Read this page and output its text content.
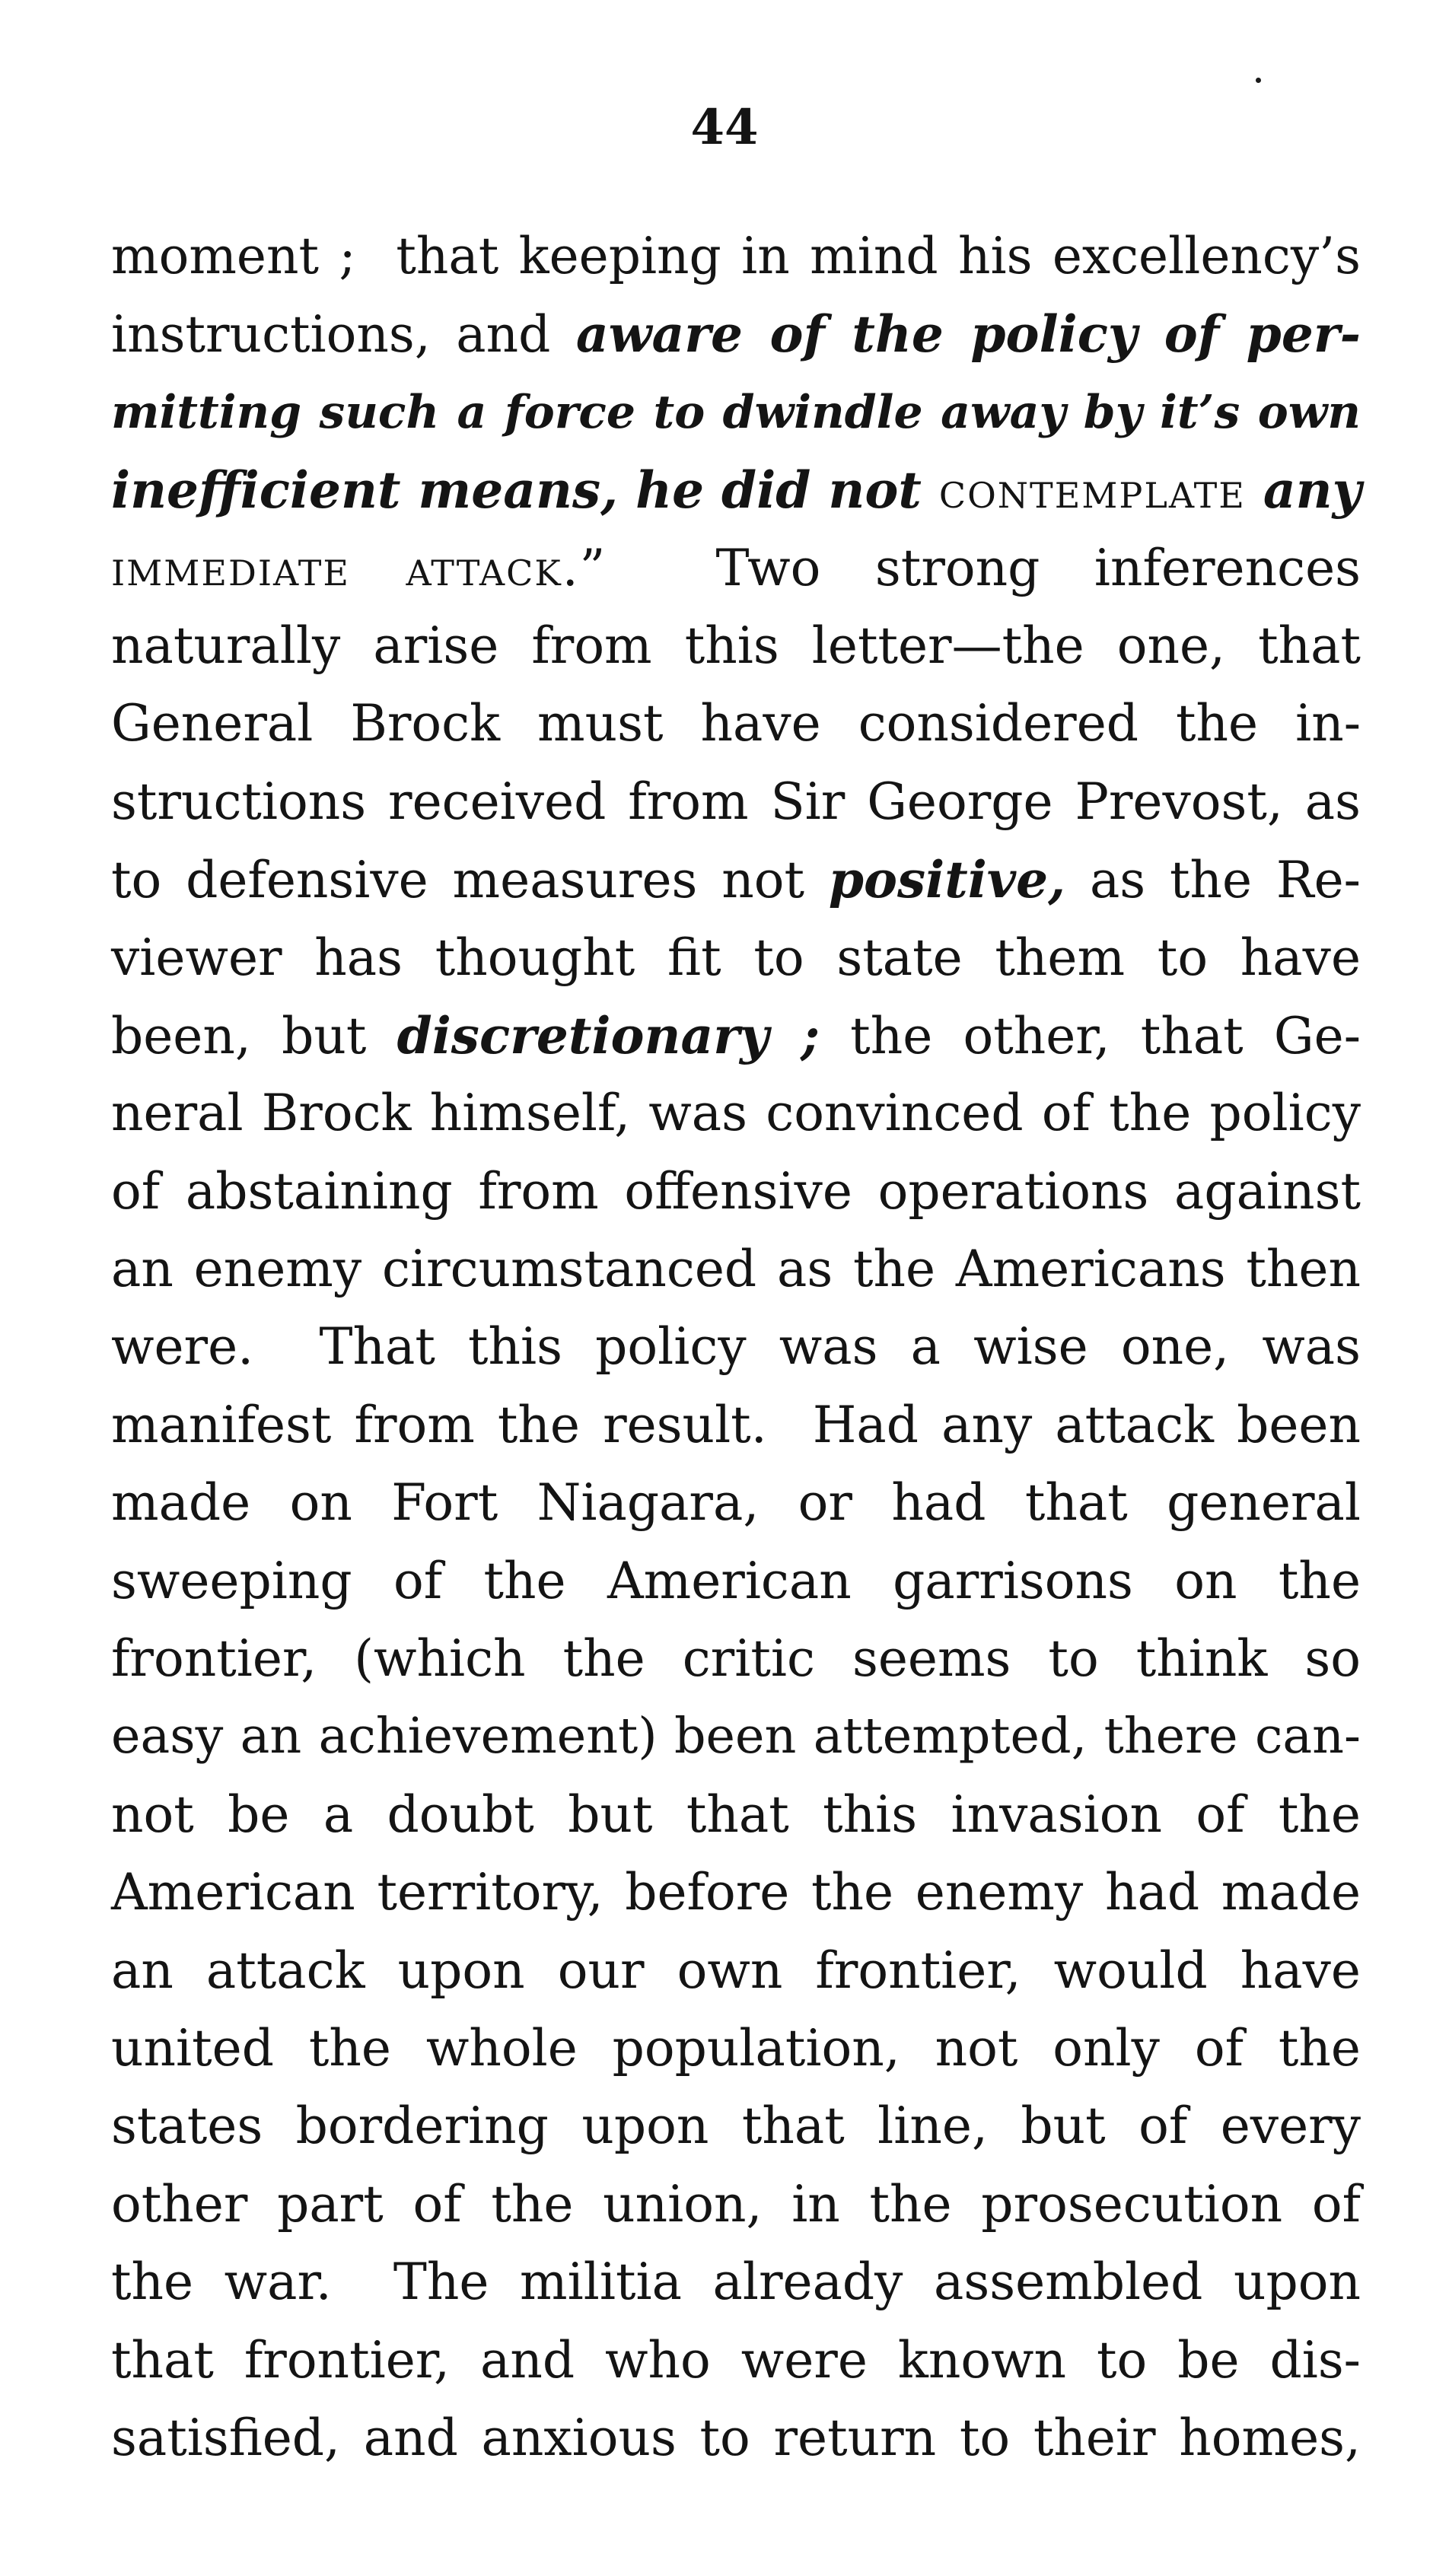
44
moment ;  that keeping in mind his excellency’s
instructions, and aware of the policy of per-
mitting such a force to dwindle away by it’s own
inefficient means, he did not contemplate any
immediate attack.”  Two strong inferences
naturally arise from this letter—the one, that
General Brock must have considered the in-
structions received from Sir George Prevost, as
to defensive measures not positive, as the Re-
viewer has thought fit to state them to have
been, but discretionary ; the other, that Ge-
neral Brock himself, was convinced of the policy
of abstaining from offensive operations against
an enemy circumstanced as the Americans then
were.  That this policy was a wise one, was
manifest from the result.  Had any attack been
made on Fort Niagara, or had that general
sweeping of the American garrisons on the
frontier, (which the critic seems to think so
easy an achievement) been attempted, there can-
not be a doubt but that this invasion of the
American territory, before the enemy had made
an attack upon our own frontier, would have
united the whole population, not only of the
states bordering upon that line, but of every
other part of the union, in the prosecution of
the war.  The militia already assembled upon
that frontier, and who were known to be dis-
satisfied, and anxious to return to their homes,
